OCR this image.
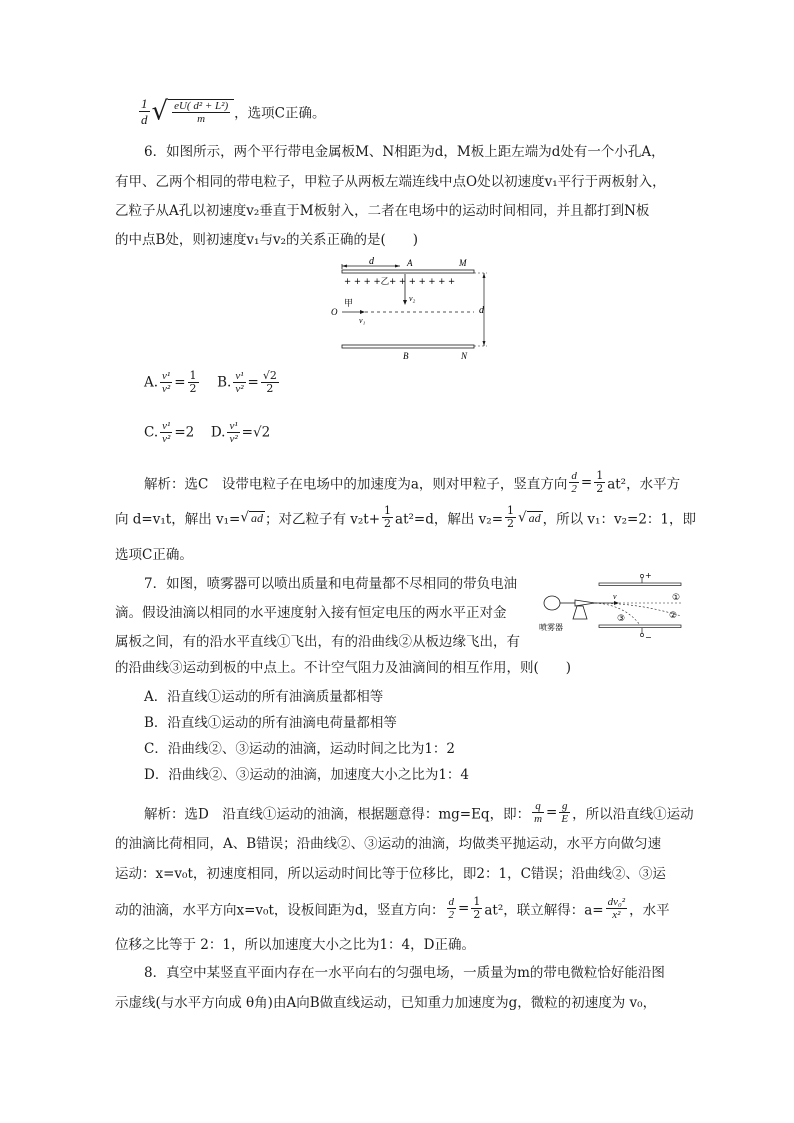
$\frac{1}{d}$ √ $\frac{\text{eU( d² + L²)}}{m}$ ，选项C正确。
6．如图所示，两个平行带电金属板M、N相距为d，M板上距左端为d处有一个小孔A，
有甲、乙两个相同的带电粒子，甲粒子从两板左端连线中点O处以初速度v₁平行于两板射入，
乙粒子从A孔以初速度v₂垂直于M板射入，二者在电场中的运动时间相同，并且都打到N板
的中点B处，则初速度v₁与v₂的关系正确的是(　　)
d	A	M
+ + + +乙+ + + + + + +
v₂
O
甲
v₁
d
B	N
A. $\frac{\text{v¹}}{\text{v²}} = \frac{1}{2} B$. $\frac{\text{v¹}}{\text{v²}} = \frac{√2}{2}$
C. $\frac{\text{v¹}}{\text{v²}} =2$ D. $\frac{\text{v¹}}{\text{v²}} =√2$
解析：选C　设带电粒子在电场中的加速度为a，则对甲粒子，竖直方向 $\frac{d}{2} = \frac{1}{2} at^2$，水平方
向 d=v₁t，解出 v₁=√ ad ；对乙粒子有 $v_2t+ \frac{1}{2} at^2=d$，解出 $v_2= \frac{1}{2}$ √ ad ，所以 v₁：v₂=2：1，即
选项C正确。
7．如图，喷雾器可以喷出质量和电荷量都不尽相同的带负电油
滴。假设油滴以相同的水平速度射入接有恒定电压的两水平正对金
属板之间，有的沿水平直线①飞出，有的沿曲线②从板边缘飞出，有
的沿曲线③运动到板的中点上。不计空气阻力及油滴间的相互作用，则(　　)
+
−
喷雾器
v	①
②
③
A．沿直线①运动的所有油滴质量都相等
B．沿直线①运动的所有油滴电荷量都相等
C．沿曲线②、③运动的油滴，运动时间之比为1：2
D．沿曲线②、③运动的油滴，加速度大小之比为1：4
解析：选D　沿直线①运动的油滴，根据题意得：mg=Eq，即： $\frac{q}{m} = \frac{g}{E}$ ，所以沿直线①运动
的油滴比荷相同，A、B错误；沿曲线②、③运动的油滴，均做类平抛运动，水平方向做匀速
运动：x=v₀t，初速度相同，所以运动时间比等于位移比，即2：1，C错误；沿曲线②、③运
动的油滴，水平方向x=v₀t，设板间距为d，竖直方向： $\frac{d}{2} = \frac{1}{2} at^2$，联立解得：$a= \frac{\text{dv₀²}}{\text{x²}}$ ，水平
位移之比等于 2：1，所以加速度大小之比为1：4，D正确。
8．真空中某竖直平面内存在一水平向右的匀强电场，一质量为m的带电微粒恰好能沿图
示虚线(与水平方向成 θ角)由A向B做直线运动，已知重力加速度为g，微粒的初速度为 v₀，
